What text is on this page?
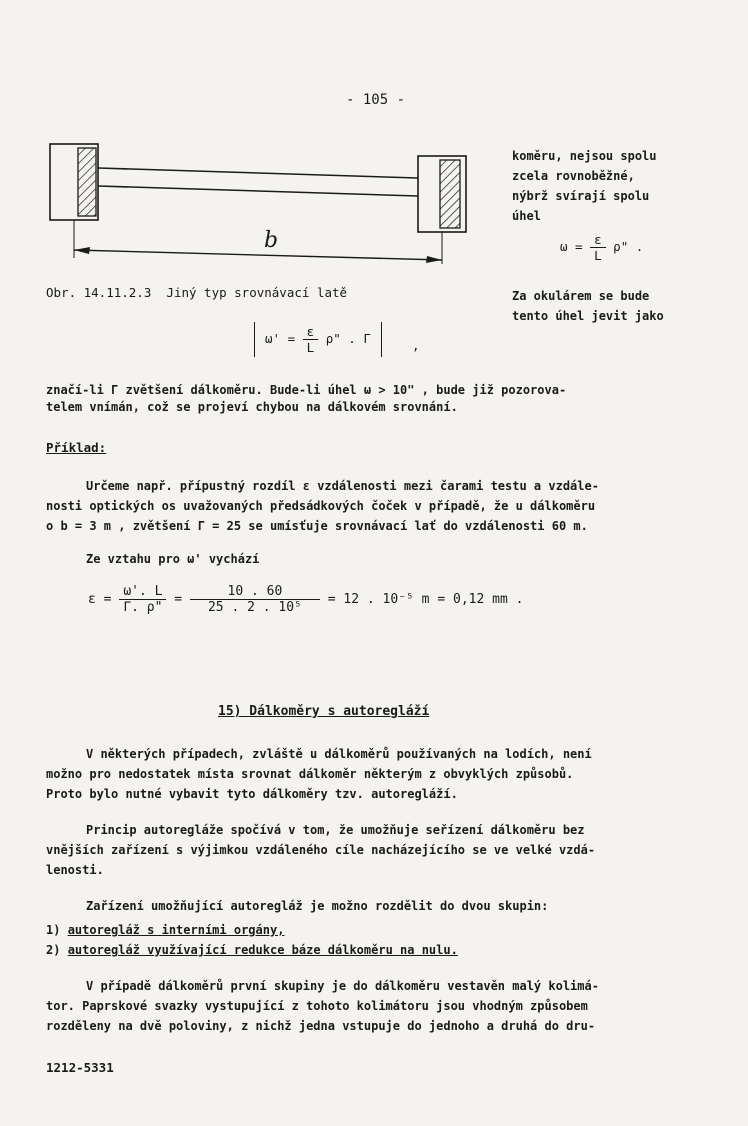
- 105 -
b
Obr. 14.11.2.3 Jiný typ srovnávací latě
koměru, nejsou spolu
zcela rovnoběžné,
nýbrž svírají spolu
úhel
$\omega = \frac{\varepsilon}{L} \rho$" .
Za okulárem se bude
tento úhel jevit jako
$\omega' = \frac{\varepsilon}{L} \rho$" . Γ	,
značí-li Γ zvětšení dálkoměru. Bude-li úhel ω > 10" , bude již pozorova-
telem vnímán, což se projeví chybou na dálkovém srovnání.
Příklad:
Určeme např. přípustný rozdíl ε vzdálenosti mezi čarami testu a vzdále-
nosti optických os uvažovaných předsádkových čoček v případě, že u dálkoměru
o b = 3 m , zvětšení Γ = 25 se umísťuje srovnávací lať do vzdálenosti 60 m.
Ze vztahu pro ω' vychází
$\varepsilon = \frac{\omega'. L}{\Gamma. \rho"} = \frac{10 . 60}{\text{25 . 2 . 10⁵}} = 12$ . 10⁻⁵ m = 0,12 mm .
15) Dálkoměry s autoregláží
V některých případech, zvláště u dálkoměrů používaných na lodích, není
možno pro nedostatek místa srovnat dálkoměr některým z obvyklých způsobů.
Proto bylo nutné vybavit tyto dálkoměry tzv. autoregláží.
Princip autoregláže spočívá v tom, že umožňuje seřízení dálkoměru bez
vnějších zařízení s výjimkou vzdáleného cíle nacházejícího se ve velké vzdá-
lenosti.
Zařízení umožňující autoregláž je možno rozdělit do dvou skupin:
1) autoregláž s interními orgány,
2) autoregláž využívající redukce báze dálkoměru na nulu.
V případě dálkoměrů první skupiny je do dálkoměru vestavěn malý kolimá-
tor. Paprskové svazky vystupující z tohoto kolimátoru jsou vhodným způsobem
rozděleny na dvě poloviny, z nichž jedna vstupuje do jednoho a druhá do dru-
1212-5331
